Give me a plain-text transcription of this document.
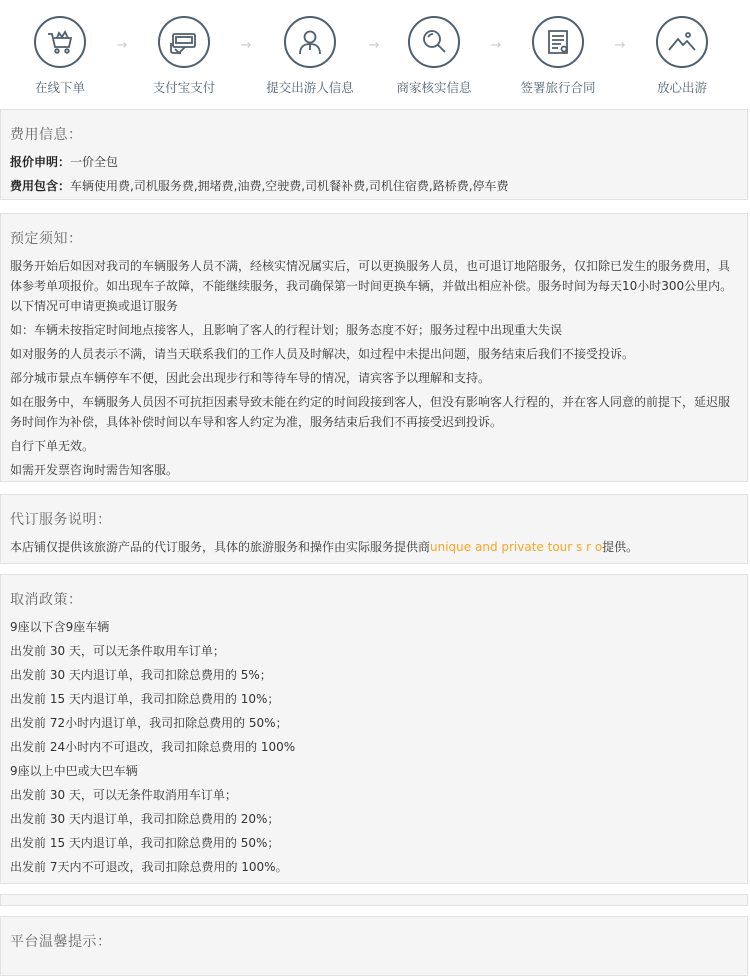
在线下单
→
支付宝支付
→
提交出游人信息
→
商家核实信息
→
签署旅行合同
→
放心出游
费用信息：
报价申明：一价全包
费用包含：车辆使用费,司机服务费,拥堵费,油费,空驶费,司机餐补费,司机住宿费,路桥费,停车费
预定须知：
服务开始后如因对我司的车辆服务人员不满，经核实情况属实后，可以更换服务人员，也可退订地陪服务，仅扣除已发生的服务费用，具体参考单项报价。如出现车子故障，不能继续服务，我司确保第一时间更换车辆，并做出相应补偿。服务时间为每天10小时300公里内。以下情况可申请更换或退订服务
如：车辆未按指定时间地点接客人，且影响了客人的行程计划；服务态度不好；服务过程中出现重大失误
如对服务的人员表示不满，请当天联系我们的工作人员及时解决，如过程中未提出问题，服务结束后我们不接受投诉。
部分城市景点车辆停车不便，因此会出现步行和等待车导的情况，请宾客予以理解和支持。
如在服务中，车辆服务人员因不可抗拒因素导致未能在约定的时间段接到客人，但没有影响客人行程的，并在客人同意的前提下，延迟服务时间作为补偿，具体补偿时间以车导和客人约定为准，服务结束后我们不再接受迟到投诉。
自行下单无效。
如需开发票咨询时需告知客服。
代订服务说明：
本店铺仅提供该旅游产品的代订服务，具体的旅游服务和操作由实际服务提供商unique and private tour s r o提供。
取消政策：
9座以下含9座车辆
出发前 30 天，可以无条件取用车订单；
出发前 30 天内退订单，我司扣除总费用的 5%；
出发前 15 天内退订单，我司扣除总费用的 10%；
出发前 72小时内退订单，我司扣除总费用的 50%；
出发前 24小时内不可退改，我司扣除总费用的 100%
9座以上中巴或大巴车辆
出发前 30 天，可以无条件取消用车订单；
出发前 30 天内退订单，我司扣除总费用的 20%；
出发前 15 天内退订单，我司扣除总费用的 50%；
出发前 7天内不可退改，我司扣除总费用的 100%。
平台温馨提示：
